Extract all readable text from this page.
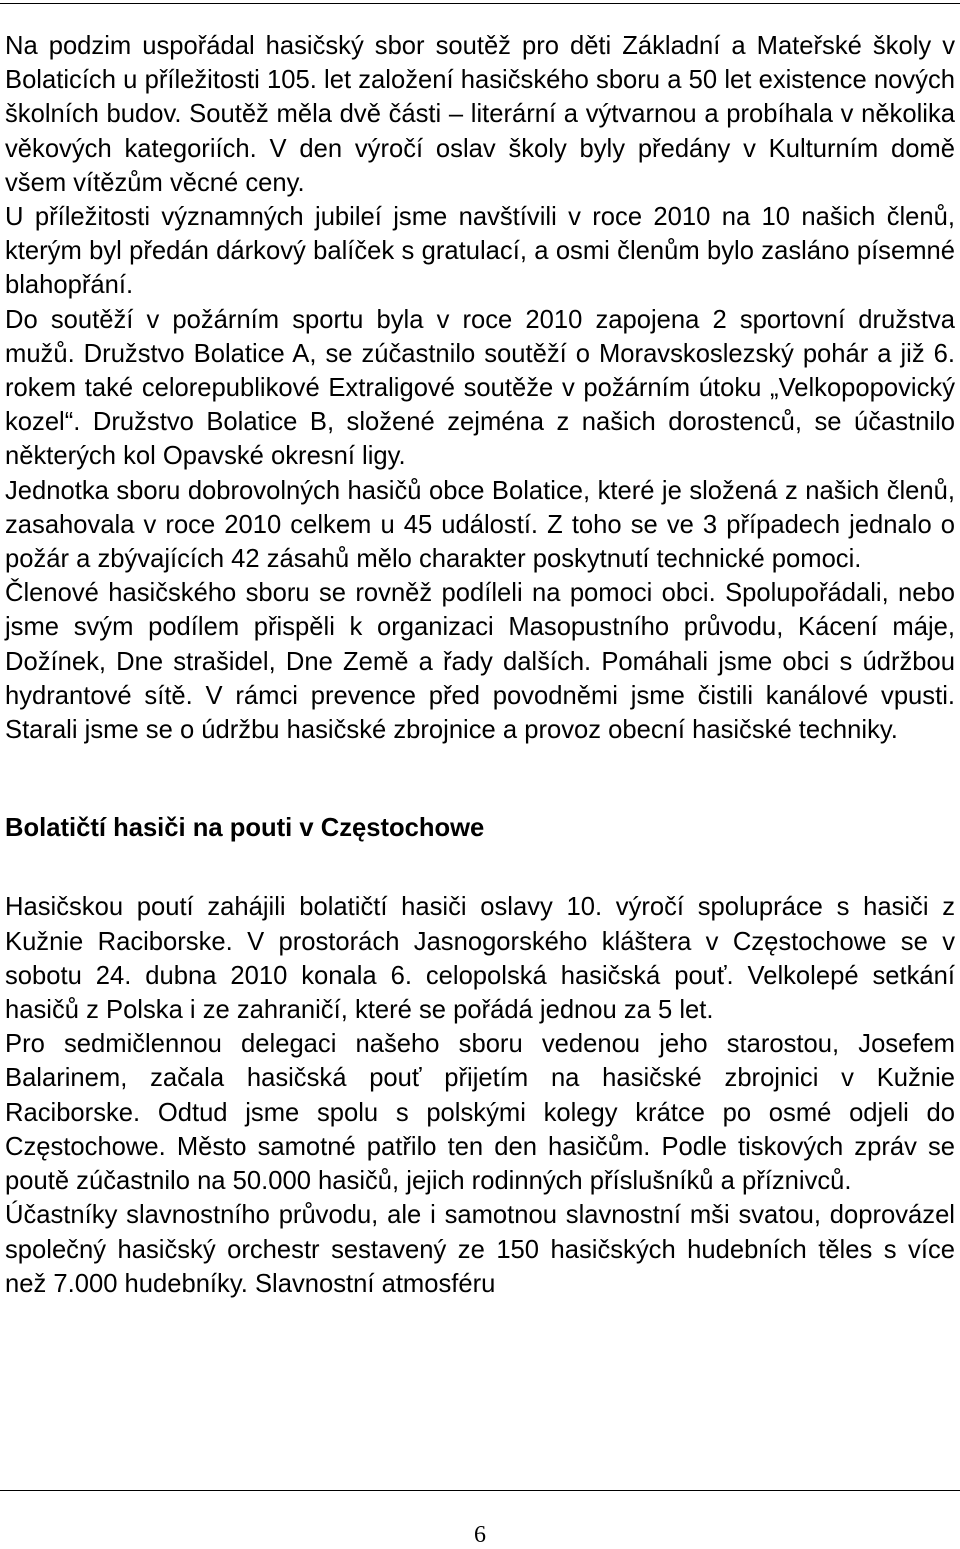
Na podzim uspořádal hasičský sbor soutěž pro děti Základní a Mateřské školy v Bolaticích u příležitosti 105. let založení hasičského sboru a 50 let existence nových školních budov. Soutěž měla dvě části – literární a výtvarnou a probíhala v několika věkových kategoriích. V den výročí oslav školy byly předány v Kulturním domě všem vítězům věcné ceny.

U příležitosti významných jubileí jsme navštívili v roce 2010 na 10 našich členů, kterým byl předán dárkový balíček s gratulací, a osmi členům bylo zasláno písemné blahopřání.

Do soutěží v požárním sportu byla v roce 2010 zapojena 2 sportovní družstva mužů. Družstvo Bolatice A, se zúčastnilo soutěží o Moravskoslezský pohár a již 6. rokem také celorepublikové Extraligové soutěže v požárním útoku „Velkopopovický kozel“. Družstvo Bolatice B, složené zejména z našich dorostenců, se účastnilo některých kol Opavské okresní ligy.

Jednotka sboru dobrovolných hasičů obce Bolatice, které je složená z našich členů, zasahovala v roce 2010 celkem u 45 událostí. Z toho se ve 3 případech jednalo o požár a zbývajících 42 zásahů mělo charakter poskytnutí technické pomoci.

Členové hasičského sboru se rovněž podíleli na pomoci obci. Spolupořádali, nebo jsme svým podílem přispěli k organizaci Masopustního průvodu, Kácení máje, Dožínek, Dne strašidel, Dne Země a řady dalších. Pomáhali jsme obci s údržbou hydrantové sítě. V rámci prevence před povodněmi jsme čistili kanálové vpusti. Starali jsme se o údržbu hasičské zbrojnice a provoz obecní hasičské techniky.

Bolatičtí hasiči na pouti v Częstochowe

Hasičskou poutí zahájili bolatičtí hasiči oslavy 10. výročí spolupráce s hasiči z Kužnie Raciborske. V prostorách Jasnogorského kláštera v Częstochowe se v sobotu 24. dubna 2010 konala 6. celopolská hasičská pouť. Velkolepé setkání hasičů z Polska i ze zahraničí, které se pořádá jednou za 5 let.

Pro sedmičlennou delegaci našeho sboru vedenou jeho starostou, Josefem Balarinem, začala hasičská pouť přijetím na hasičské zbrojnici v Kužnie Raciborske. Odtud jsme spolu s polskými kolegy krátce po osmé odjeli do Częstochowe. Město samotné patřilo ten den hasičům. Podle tiskových zpráv se poutě zúčastnilo na 50.000 hasičů, jejich rodinných příslušníků a příznivců.

Účastníky slavnostního průvodu, ale i samotnou slavnostní mši svatou, doprovázel společný hasičský orchestr sestavený ze 150 hasičských hudebních těles s více než 7.000 hudebníky. Slavnostní atmosféru

6
